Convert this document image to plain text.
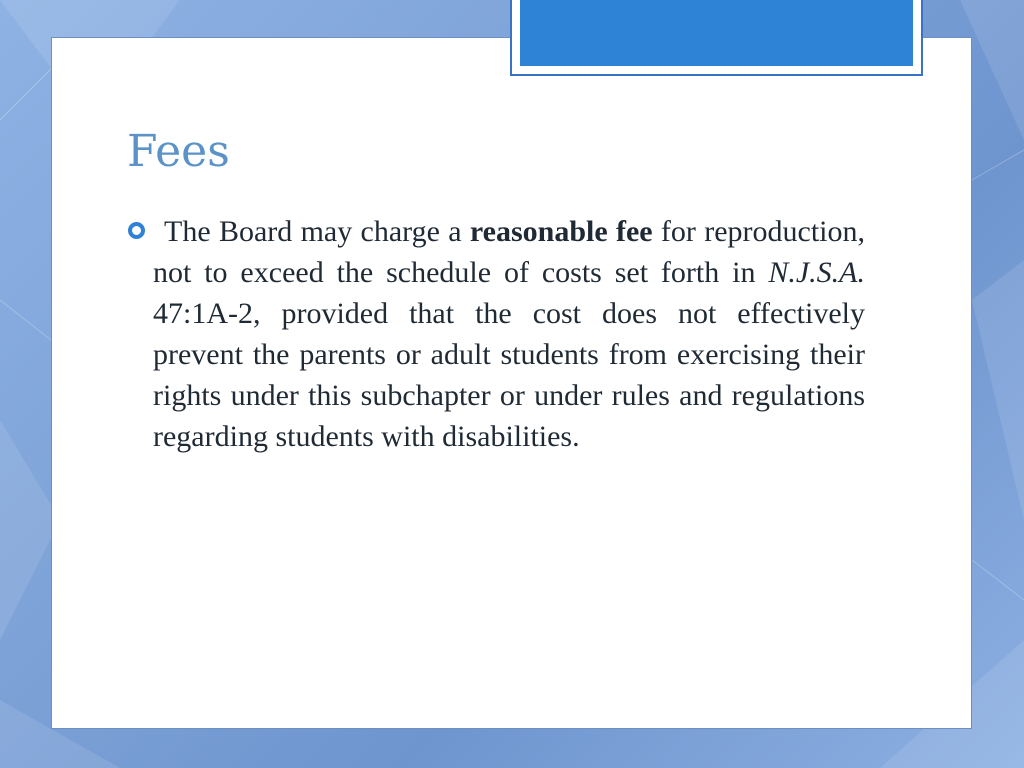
Fees

The Board may charge a reasonable fee for reproduction, not to exceed the schedule of costs set forth in N.J.S.A. 47:1A-2, provided that the cost does not effectively prevent the parents or adult students from exercising their rights under this subchapter or under rules and regulations regarding students with disabilities.
